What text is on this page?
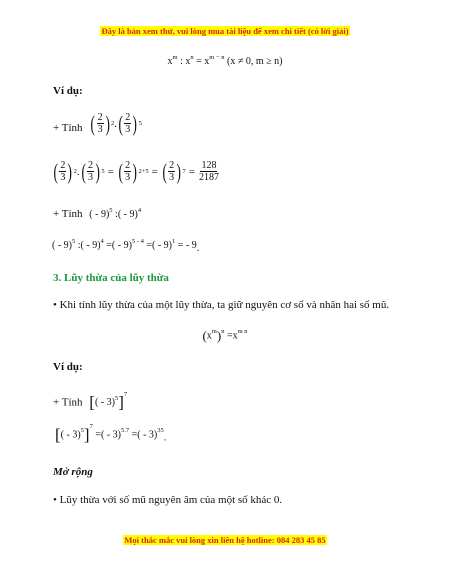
Đây là bản xem thử, vui lòng mua tài liệu để xem chi tiết (có lời giải)
$x^m$ : $x^n = x^{m - n}$ (x ≠ 0, m ≥ n)
Ví dụ:
+ Tính ( $\frac{2}{3}$ ) 2 . ( $\frac{2}{3}$ ) 5
( $\frac{2}{3}$ ) 2 . ( $\frac{2}{3}$ ) 5 = ( $\frac{2}{3}$ ) 2+5 = ( $\frac{2}{3}$ ) $7 = \frac{128}{2187}$
+ Tính ( - 9)$^5$ :( - 9)$^4$
( - 9)$^5$ :( - 9)$^4$ =( - 9)$^{5 - 4}$ =( - 9)$^1$ = - 9.
3. Lũy thừa của lũy thừa
• Khi tính lũy thừa của một lũy thừa, ta giữ nguyên cơ số và nhân hai số mũ.
$(x^m)^n =x^{m n}$
Ví dụ:
+ Tính [( - 3)$^5$]$^7$
[( - 3)$^5$]$^7$ =( - 3)$^{5.7}$ =( - 3)$^{35}$.
Mở rộng
• Lũy thừa với số mũ nguyên âm của một số khác 0.
Mọi thắc mắc vui lòng xin liên hệ hotline: 084 283 45 85
